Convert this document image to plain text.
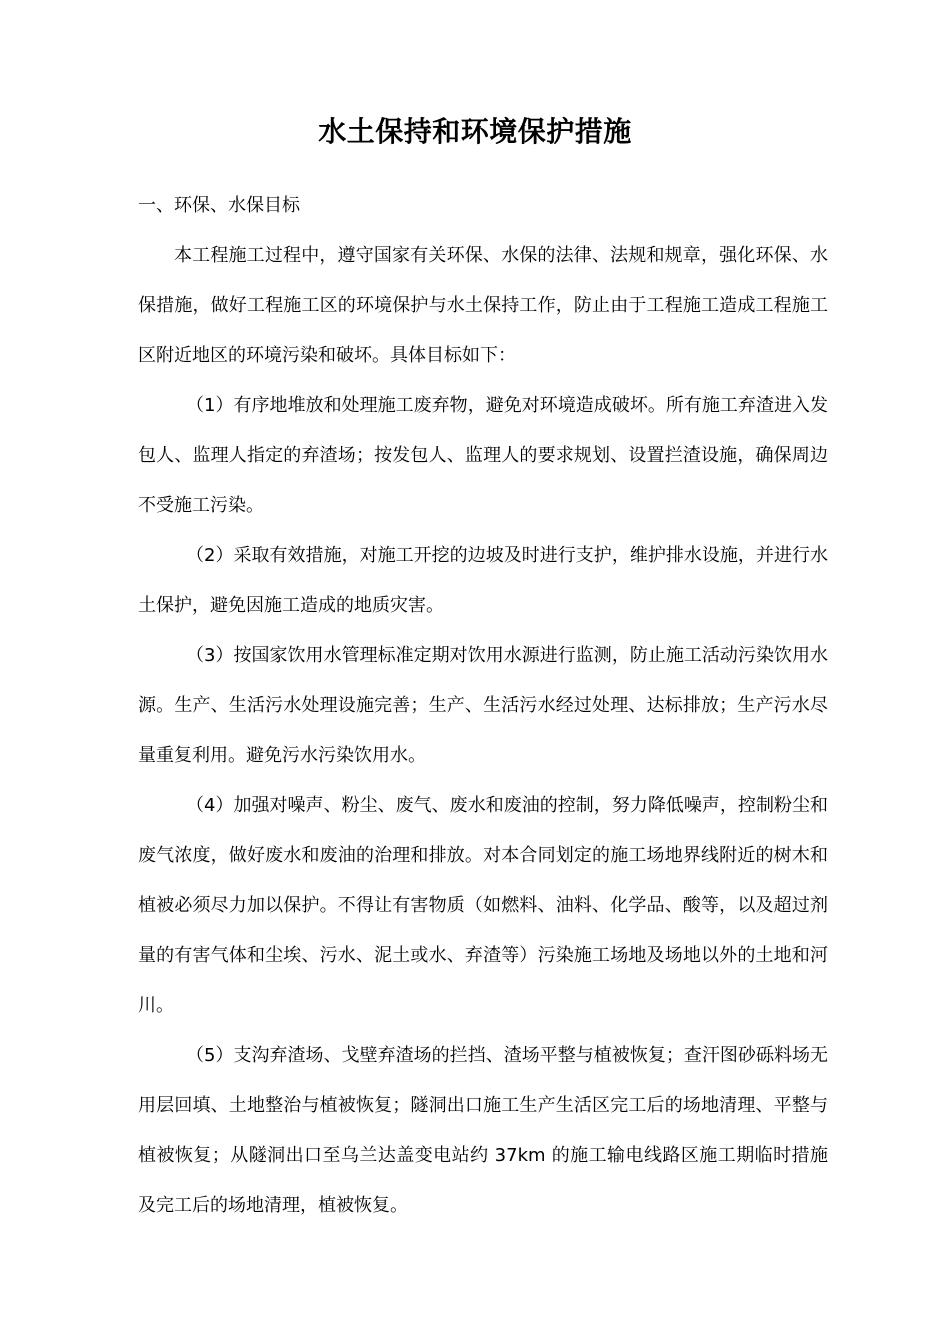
水土保持和环境保护措施

一、环保、水保目标

本工程施工过程中，遵守国家有关环保、水保的法律、法规和规章，强化环保、水保措施，做好工程施工区的环境保护与水土保持工作，防止由于工程施工造成工程施工区附近地区的环境污染和破坏。具体目标如下：

（1）有序地堆放和处理施工废弃物，避免对环境造成破坏。所有施工弃渣进入发包人、监理人指定的弃渣场；按发包人、监理人的要求规划、设置拦渣设施，确保周边不受施工污染。

（2）采取有效措施，对施工开挖的边坡及时进行支护，维护排水设施，并进行水土保护，避免因施工造成的地质灾害。

（3）按国家饮用水管理标准定期对饮用水源进行监测，防止施工活动污染饮用水源。生产、生活污水处理设施完善；生产、生活污水经过处理、达标排放；生产污水尽量重复利用。避免污水污染饮用水。

（4）加强对噪声、粉尘、废气、废水和废油的控制，努力降低噪声，控制粉尘和废气浓度，做好废水和废油的治理和排放。对本合同划定的施工场地界线附近的树木和植被必须尽力加以保护。不得让有害物质（如燃料、油料、化学品、酸等，以及超过剂量的有害气体和尘埃、污水、泥土或水、弃渣等）污染施工场地及场地以外的土地和河川。

（5）支沟弃渣场、戈壁弃渣场的拦挡、渣场平整与植被恢复；查汗图砂砾料场无用层回填、土地整治与植被恢复；隧洞出口施工生产生活区完工后的场地清理、平整与植被恢复；从隧洞出口至乌兰达盖变电站约 37km 的施工输电线路区施工期临时措施及完工后的场地清理，植被恢复。
